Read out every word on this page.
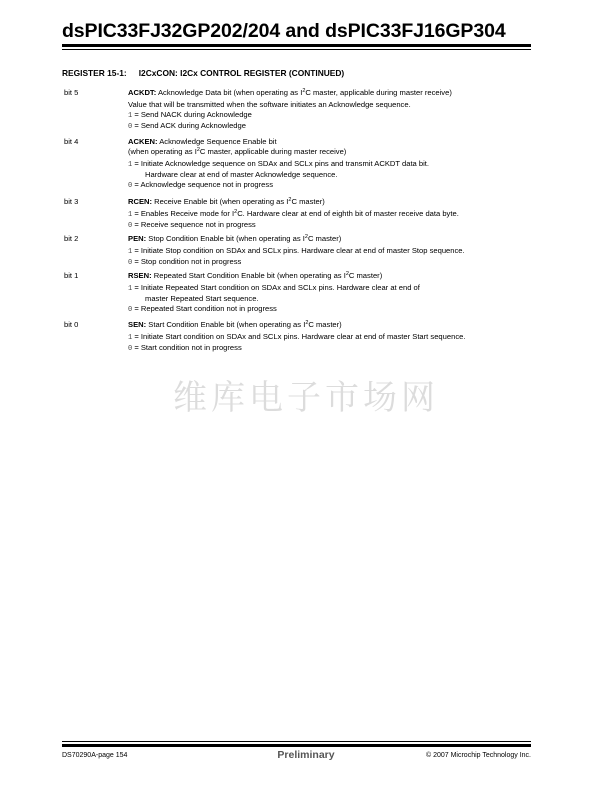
dsPIC33FJ32GP202/204 and dsPIC33FJ16GP304
REGISTER 15-1: I2CxCON: I2Cx CONTROL REGISTER (CONTINUED)
bit 5	ACKDT: Acknowledge Data bit (when operating as $I^2C$ master, applicable during master receive)
Value that will be transmitted when the software initiates an Acknowledge sequence.
1 = Send NACK during Acknowledge
0 = Send ACK during Acknowledge
bit 4	ACKEN: Acknowledge Sequence Enable bit
(when operating as $I^2C$ master, applicable during master receive)
1 = Initiate Acknowledge sequence on SDAx and SCLx pins and transmit ACKDT data bit.
Hardware clear at end of master Acknowledge sequence.
0 = Acknowledge sequence not in progress
bit 3	RCEN: Receive Enable bit (when operating as $I^2C$ master)
1 = Enables Receive mode for $I^2C$. Hardware clear at end of eighth bit of master receive data byte.
0 = Receive sequence not in progress
bit 2	PEN: Stop Condition Enable bit (when operating as $I^2C$ master)
1 = Initiate Stop condition on SDAx and SCLx pins. Hardware clear at end of master Stop sequence.
0 = Stop condition not in progress
bit 1	RSEN: Repeated Start Condition Enable bit (when operating as $I^2C$ master)
1 = Initiate Repeated Start condition on SDAx and SCLx pins. Hardware clear at end of
master Repeated Start sequence.
0 = Repeated Start condition not in progress
bit 0	SEN: Start Condition Enable bit (when operating as $I^2C$ master)
1 = Initiate Start condition on SDAx and SCLx pins. Hardware clear at end of master Start sequence.
0 = Start condition not in progress
维库电子市场网
DS70290A-page 154	Preliminary	© 2007 Microchip Technology Inc.
